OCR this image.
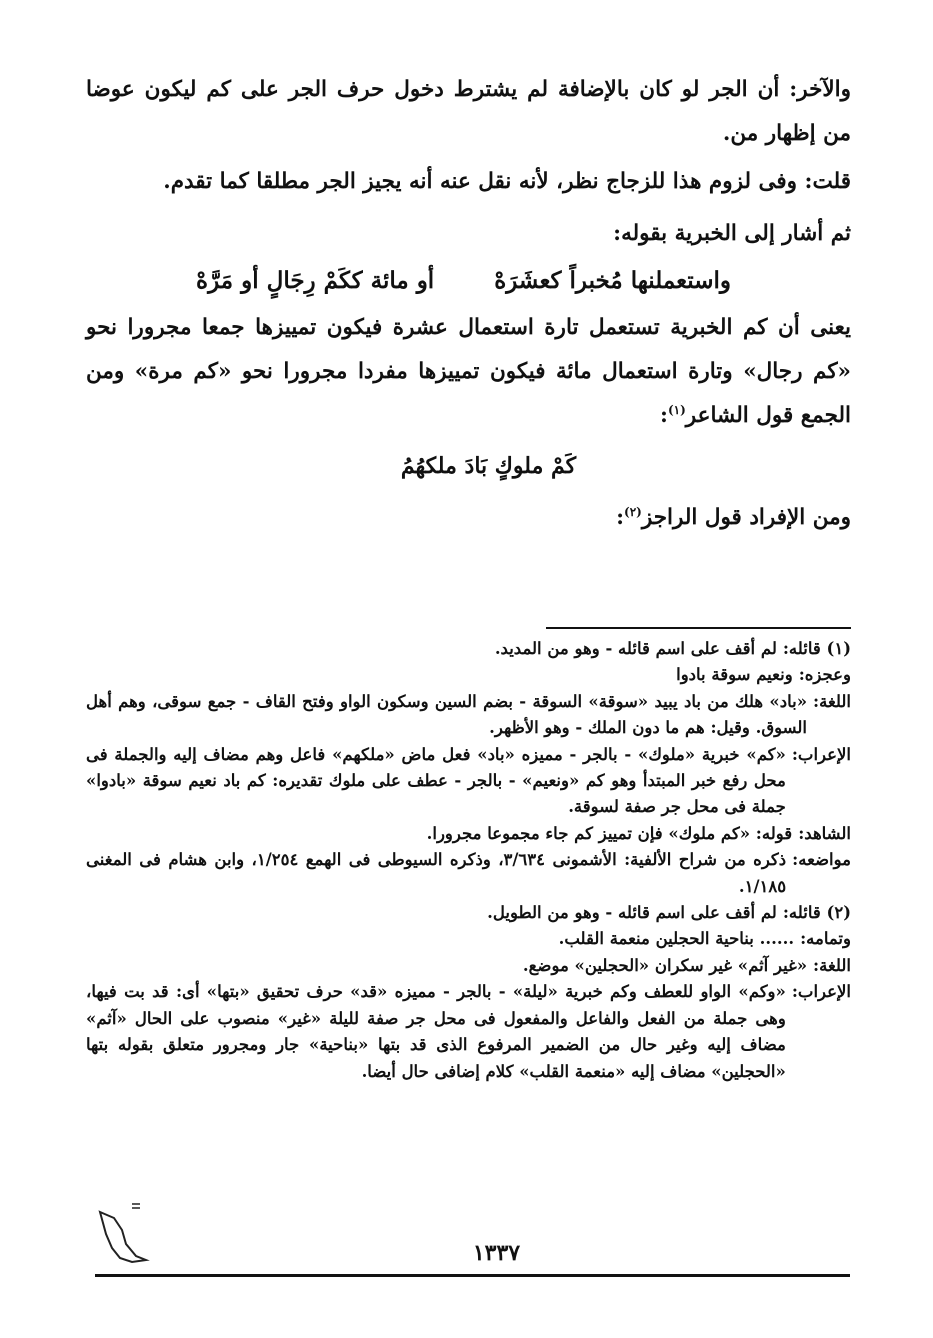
والآخر: أن الجر لو كان بالإضافة لم يشترط دخول حرف الجر على كم ليكون عوضا من إظهار من.

قلت: وفى لزوم هذا للزجاج نظر، لأنه نقل عنه أنه يجيز الجر مطلقا كما تقدم.

ثم أشار إلى الخبرية بقوله:

واستعملنها مُخبراً كعشَرَهْ
أو مائة ككَمْ رِجَالٍ أو مَرَّهْ

يعنى أن كم الخبرية تستعمل تارة استعمال عشرة فيكون تمييزها جمعا مجرورا نحو «كم رجال» وتارة استعمال مائة فيكون تمييزها مفردا مجرورا نحو «كم مرة» ومن الجمع قول الشاعر$^{(١)}$:

كَمْ ملوكٍ بَادَ ملكهُمُ

ومن الإفراد قول الراجز$^{(٢)}$:

(١) قائله:
لم أقف على اسم قائله - وهو من المديد.
وعجزه:
ونعيم سوقة بادوا
اللغة:
«باد» هلك من باد يبيد «سوقة» السوقة - بضم السين وسكون الواو وفتح القاف - جمع سوقى، وهم أهل السوق. وقيل: هم ما دون الملك - وهو الأظهر.
الإعراب:
«كم» خبرية «ملوك» - بالجر - مميزه «باد» فعل ماض «ملكهم» فاعل وهم مضاف إليه والجملة فى محل رفع خبر المبتدأ وهو كم «ونعيم» - بالجر - عطف على ملوك تقديره: كم باد نعيم سوقة «بادوا» جملة فى محل جر صفة لسوقة.
الشاهد:
قوله: «كم ملوك» فإن تمييز كم جاء مجموعا مجرورا.
مواضعه:
ذكره من شراح الألفية: الأشمونى ٣/٦٣٤، وذكره السيوطى فى الهمع ١/٢٥٤، وابن هشام فى المغنى ١/١٨٥.
(٢) قائله:
لم أقف على اسم قائله - وهو من الطويل.
وتمامه:
...... بناحية الحجلين منعمة القلب.
اللغة:
«غير آثم» غير سكران «الحجلين» موضع.
الإعراب:
«وكم» الواو للعطف وكم خبرية «ليلة» - بالجر - مميزه «قد» حرف تحقيق «بتها» أى: قد بت فيها، وهى جملة من الفعل والفاعل والمفعول فى محل جر صفة لليلة «غير» منصوب على الحال «آثم» مضاف إليه وغير حال من الضمير المرفوع الذى قد بتها «بناحية» جار ومجرور متعلق بقوله بتها «الحجلين» مضاف إليه «منعمة القلب» كلام إضافى حال أيضا.
١٣٣٧
